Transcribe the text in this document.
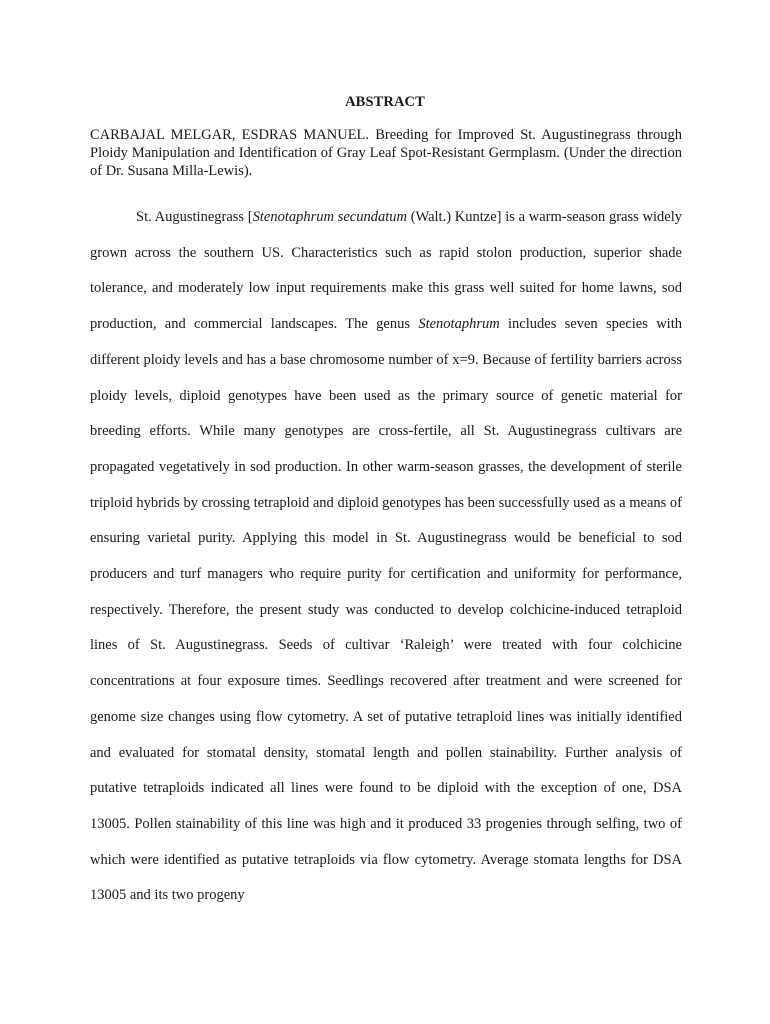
ABSTRACT
CARBAJAL MELGAR, ESDRAS MANUEL. Breeding for Improved St. Augustinegrass through Ploidy Manipulation and Identification of Gray Leaf Spot-Resistant Germplasm. (Under the direction of Dr. Susana Milla-Lewis).

St. Augustinegrass [Stenotaphrum secundatum (Walt.) Kuntze] is a warm-season grass widely grown across the southern US. Characteristics such as rapid stolon production, superior shade tolerance, and moderately low input requirements make this grass well suited for home lawns, sod production, and commercial landscapes. The genus Stenotaphrum includes seven species with different ploidy levels and has a base chromosome number of x=9. Because of fertility barriers across ploidy levels, diploid genotypes have been used as the primary source of genetic material for breeding efforts. While many genotypes are cross-fertile, all St. Augustinegrass cultivars are propagated vegetatively in sod production. In other warm-season grasses, the development of sterile triploid hybrids by crossing tetraploid and diploid genotypes has been successfully used as a means of ensuring varietal purity. Applying this model in St. Augustinegrass would be beneficial to sod producers and turf managers who require purity for certification and uniformity for performance, respectively. Therefore, the present study was conducted to develop colchicine-induced tetraploid lines of St. Augustinegrass. Seeds of cultivar ‘Raleigh’ were treated with four colchicine concentrations at four exposure times. Seedlings recovered after treatment and were screened for genome size changes using flow cytometry. A set of putative tetraploid lines was initially identified and evaluated for stomatal density, stomatal length and pollen stainability. Further analysis of putative tetraploids indicated all lines were found to be diploid with the exception of one, DSA 13005. Pollen stainability of this line was high and it produced 33 progenies through selfing, two of which were identified as putative tetraploids via flow cytometry. Average stomata lengths for DSA 13005 and its two progeny
